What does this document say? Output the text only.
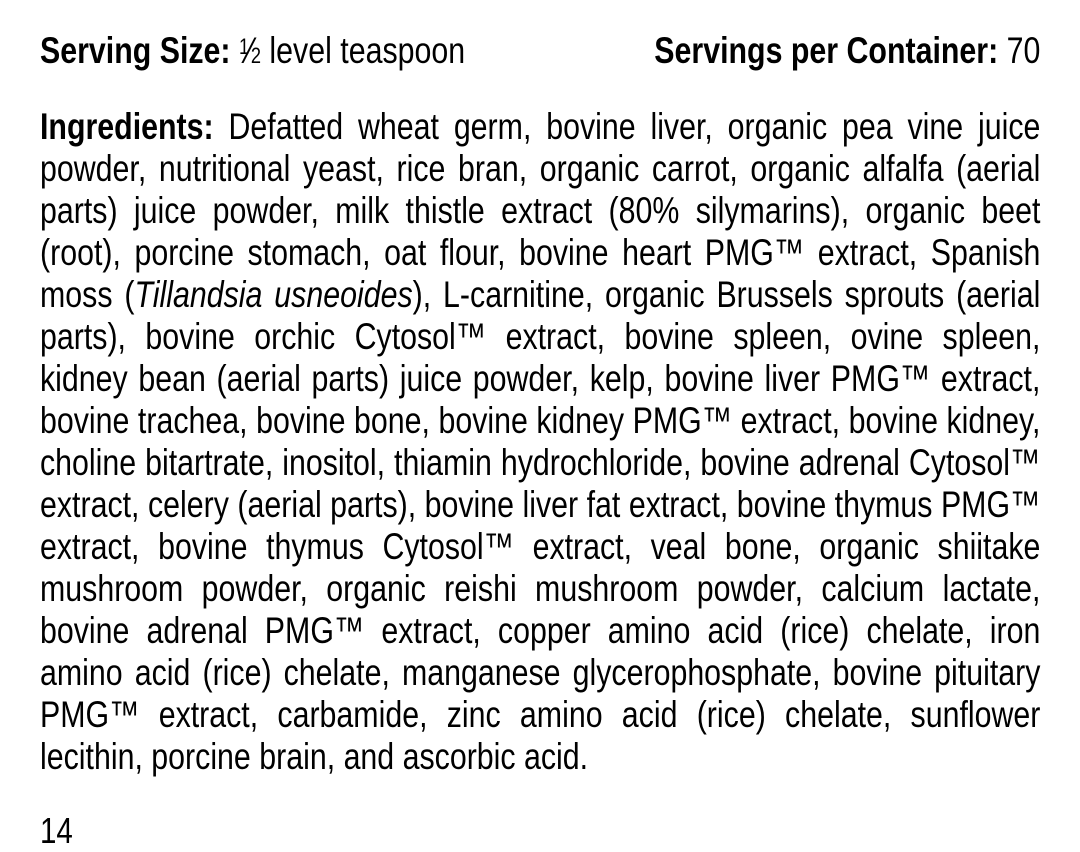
Serving Size: $^1⁄_2$ level teaspoon	Servings per Container: 70

Ingredients: Defatted wheat germ, bovine liver, organic pea vine juice powder, nutritional yeast, rice bran, organic carrot, organic alfalfa (aerial parts) juice powder, milk thistle extract (80% silymarins), organic beet (root), porcine stomach, oat flour, bovine heart PMG™ extract, Spanish moss (Tillandsia usneoides), L-carnitine, organic Brussels sprouts (aerial parts), bovine orchic Cytosol™ extract, bovine spleen, ovine spleen, kidney bean (aerial parts) juice powder, kelp, bovine liver PMG™ extract, bovine trachea, bovine bone, bovine kidney PMG™ extract, bovine kidney, choline bitartrate, inositol, thiamin hydrochloride, bovine adrenal Cytosol™ extract, celery (aerial parts), bovine liver fat extract, bovine thymus PMG™ extract, bovine thymus Cytosol™ extract, veal bone, organic shiitake mushroom powder, organic reishi mushroom powder, calcium lactate, bovine adrenal PMG™ extract, copper amino acid (rice) chelate, iron amino acid (rice) chelate, manganese glycerophosphate, bovine pituitary PMG™ extract, carbamide, zinc amino acid (rice) chelate, sunflower lecithin, porcine brain, and ascorbic acid.

14
